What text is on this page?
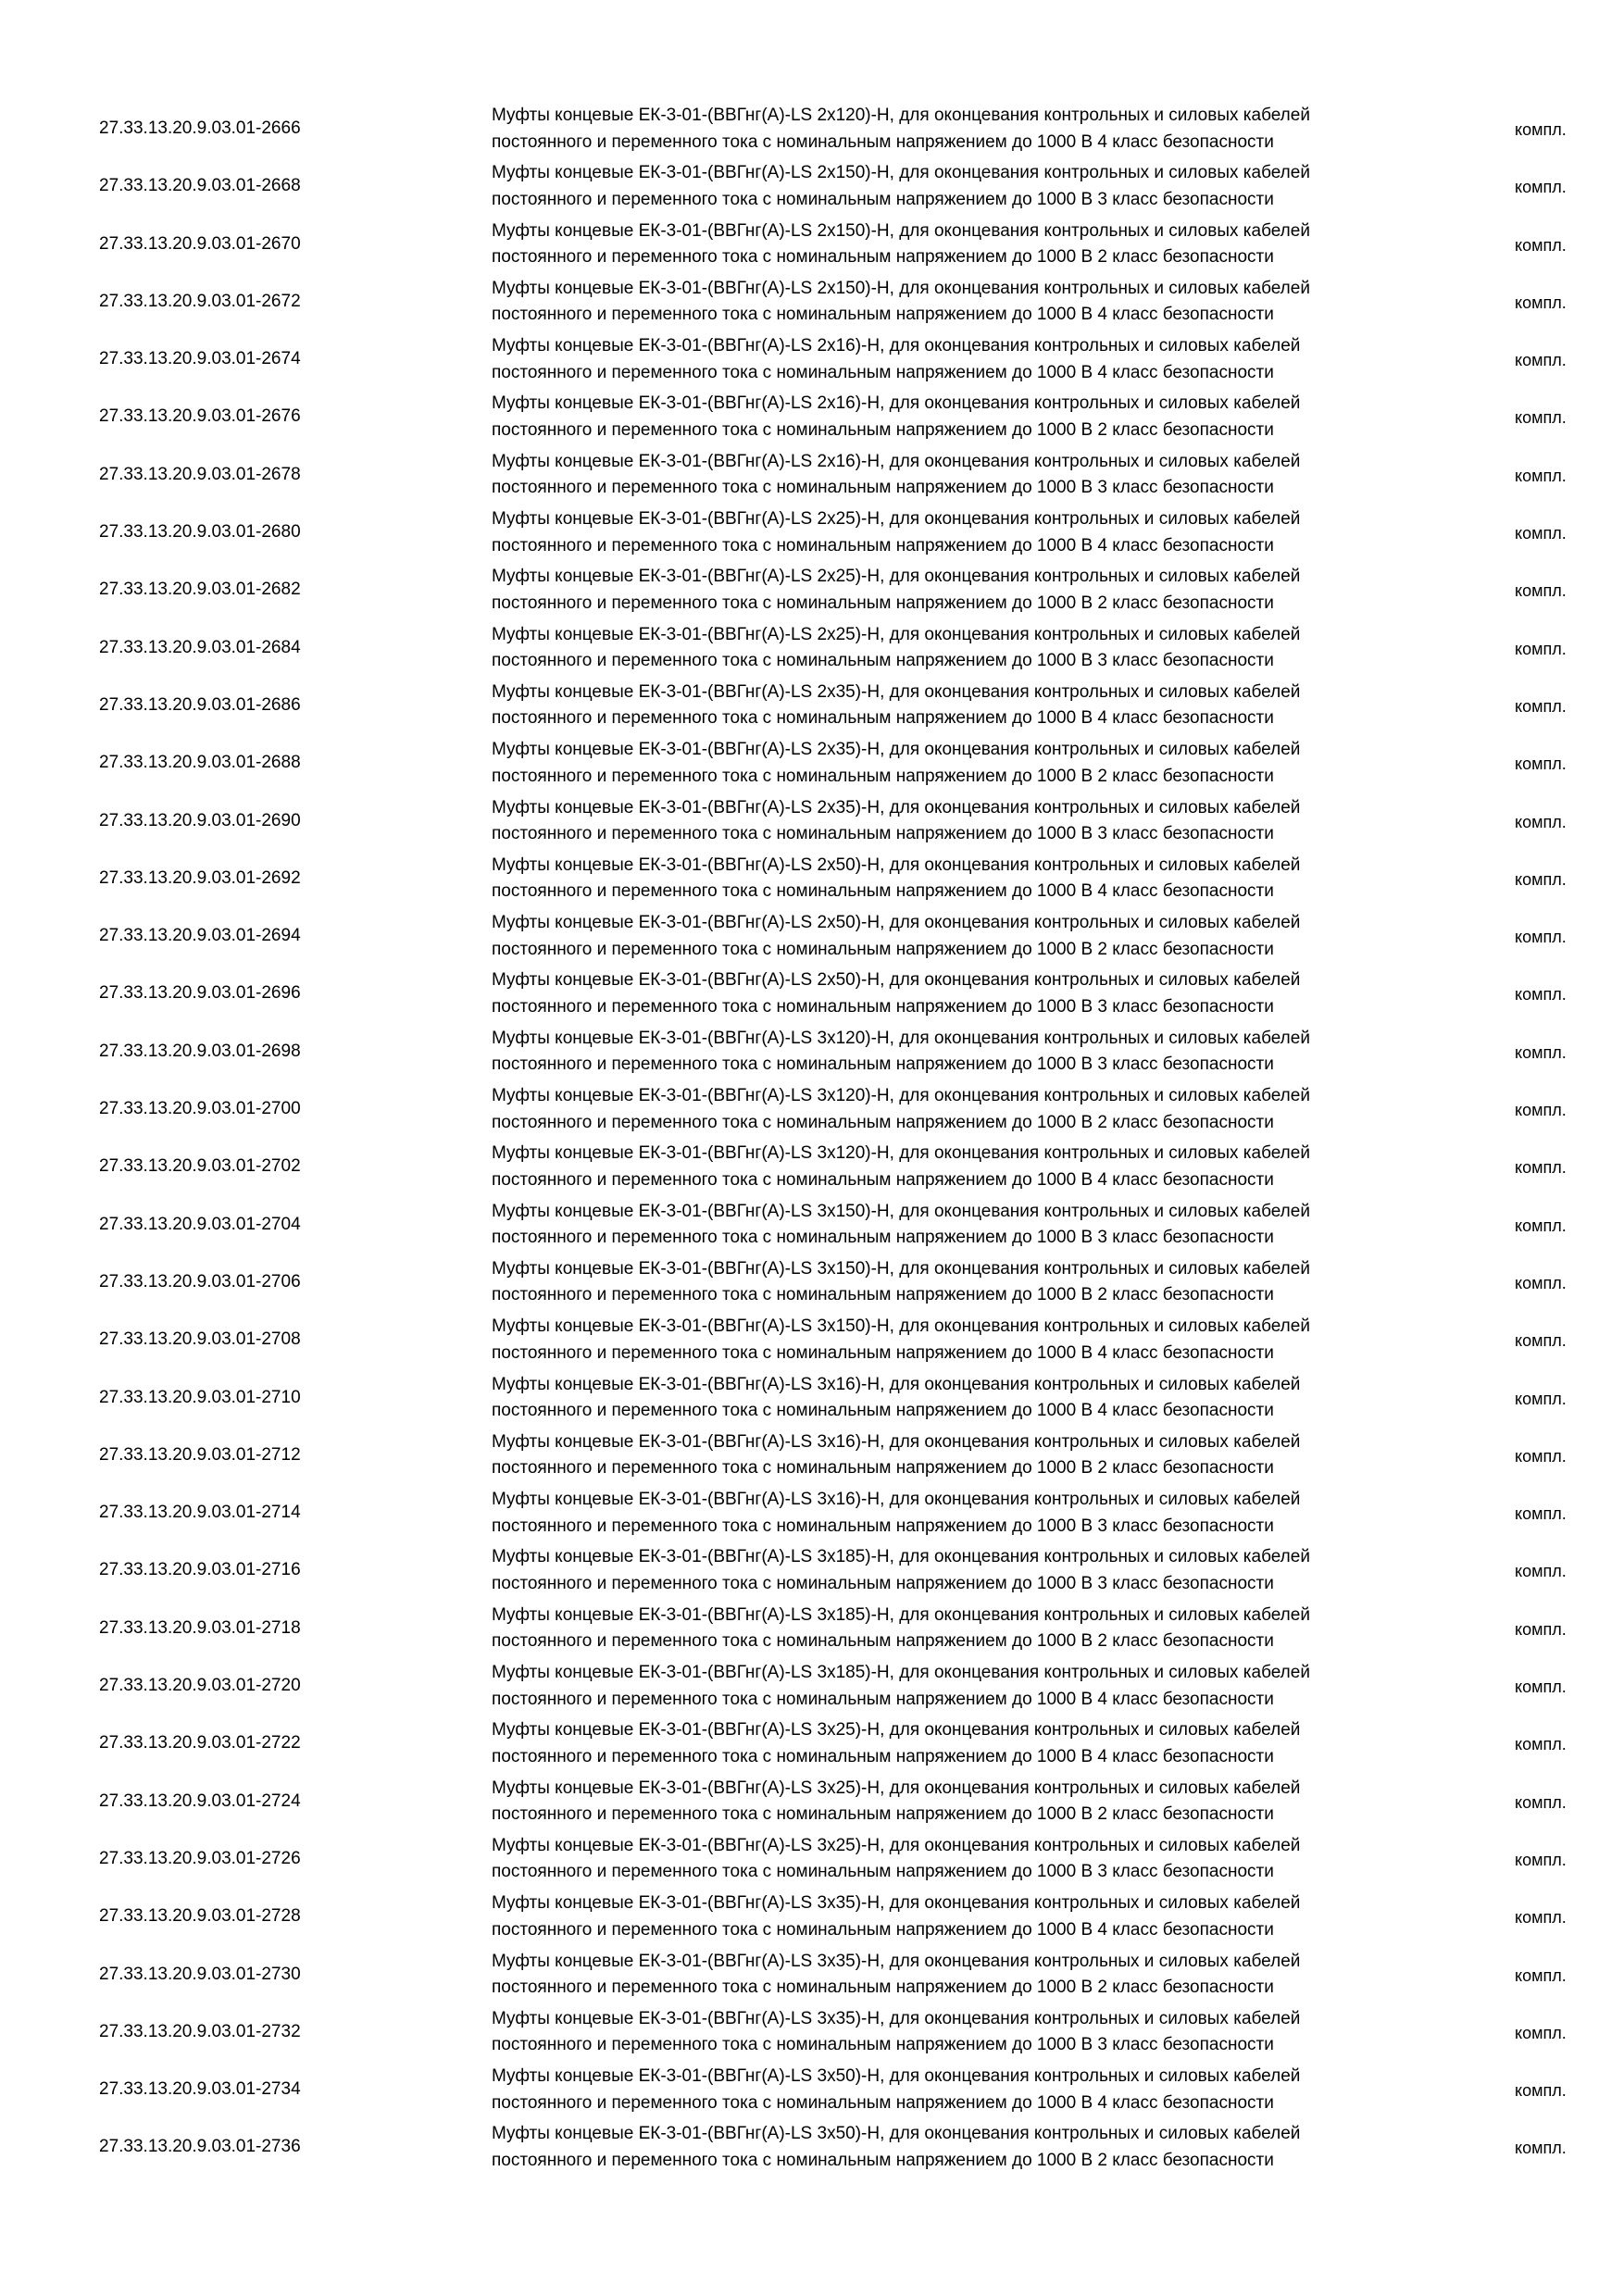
27.33.13.20.9.03.01-2666
Муфты концевые ЕК-3-01-(ВВГнг(А)-LS 2х120)-Н, для оконцевания контрольных и силовых кабелей
постоянного и переменного тока с номинальным напряжением до 1000 В 4 класс безопасности
компл.
27.33.13.20.9.03.01-2668
Муфты концевые ЕК-3-01-(ВВГнг(А)-LS 2х150)-Н, для оконцевания контрольных и силовых кабелей
постоянного и переменного тока с номинальным напряжением до 1000 В 3 класс безопасности
компл.
27.33.13.20.9.03.01-2670
Муфты концевые ЕК-3-01-(ВВГнг(А)-LS 2х150)-Н, для оконцевания контрольных и силовых кабелей
постоянного и переменного тока с номинальным напряжением до 1000 В 2 класс безопасности
компл.
27.33.13.20.9.03.01-2672
Муфты концевые ЕК-3-01-(ВВГнг(А)-LS 2х150)-Н, для оконцевания контрольных и силовых кабелей
постоянного и переменного тока с номинальным напряжением до 1000 В 4 класс безопасности
компл.
27.33.13.20.9.03.01-2674
Муфты концевые ЕК-3-01-(ВВГнг(А)-LS 2х16)-Н, для оконцевания контрольных и силовых кабелей
постоянного и переменного тока с номинальным напряжением до 1000 В 4 класс безопасности
компл.
27.33.13.20.9.03.01-2676
Муфты концевые ЕК-3-01-(ВВГнг(А)-LS 2х16)-Н, для оконцевания контрольных и силовых кабелей
постоянного и переменного тока с номинальным напряжением до 1000 В 2 класс безопасности
компл.
27.33.13.20.9.03.01-2678
Муфты концевые ЕК-3-01-(ВВГнг(А)-LS 2х16)-Н, для оконцевания контрольных и силовых кабелей
постоянного и переменного тока с номинальным напряжением до 1000 В 3 класс безопасности
компл.
27.33.13.20.9.03.01-2680
Муфты концевые ЕК-3-01-(ВВГнг(А)-LS 2х25)-Н, для оконцевания контрольных и силовых кабелей
постоянного и переменного тока с номинальным напряжением до 1000 В 4 класс безопасности
компл.
27.33.13.20.9.03.01-2682
Муфты концевые ЕК-3-01-(ВВГнг(А)-LS 2х25)-Н, для оконцевания контрольных и силовых кабелей
постоянного и переменного тока с номинальным напряжением до 1000 В 2 класс безопасности
компл.
27.33.13.20.9.03.01-2684
Муфты концевые ЕК-3-01-(ВВГнг(А)-LS 2х25)-Н, для оконцевания контрольных и силовых кабелей
постоянного и переменного тока с номинальным напряжением до 1000 В 3 класс безопасности
компл.
27.33.13.20.9.03.01-2686
Муфты концевые ЕК-3-01-(ВВГнг(А)-LS 2х35)-Н, для оконцевания контрольных и силовых кабелей
постоянного и переменного тока с номинальным напряжением до 1000 В 4 класс безопасности
компл.
27.33.13.20.9.03.01-2688
Муфты концевые ЕК-3-01-(ВВГнг(А)-LS 2х35)-Н, для оконцевания контрольных и силовых кабелей
постоянного и переменного тока с номинальным напряжением до 1000 В 2 класс безопасности
компл.
27.33.13.20.9.03.01-2690
Муфты концевые ЕК-3-01-(ВВГнг(А)-LS 2х35)-Н, для оконцевания контрольных и силовых кабелей
постоянного и переменного тока с номинальным напряжением до 1000 В 3 класс безопасности
компл.
27.33.13.20.9.03.01-2692
Муфты концевые ЕК-3-01-(ВВГнг(А)-LS 2х50)-Н, для оконцевания контрольных и силовых кабелей
постоянного и переменного тока с номинальным напряжением до 1000 В 4 класс безопасности
компл.
27.33.13.20.9.03.01-2694
Муфты концевые ЕК-3-01-(ВВГнг(А)-LS 2х50)-Н, для оконцевания контрольных и силовых кабелей
постоянного и переменного тока с номинальным напряжением до 1000 В 2 класс безопасности
компл.
27.33.13.20.9.03.01-2696
Муфты концевые ЕК-3-01-(ВВГнг(А)-LS 2х50)-Н, для оконцевания контрольных и силовых кабелей
постоянного и переменного тока с номинальным напряжением до 1000 В 3 класс безопасности
компл.
27.33.13.20.9.03.01-2698
Муфты концевые ЕК-3-01-(ВВГнг(А)-LS 3х120)-Н, для оконцевания контрольных и силовых кабелей
постоянного и переменного тока с номинальным напряжением до 1000 В 3 класс безопасности
компл.
27.33.13.20.9.03.01-2700
Муфты концевые ЕК-3-01-(ВВГнг(А)-LS 3х120)-Н, для оконцевания контрольных и силовых кабелей
постоянного и переменного тока с номинальным напряжением до 1000 В 2 класс безопасности
компл.
27.33.13.20.9.03.01-2702
Муфты концевые ЕК-3-01-(ВВГнг(А)-LS 3х120)-Н, для оконцевания контрольных и силовых кабелей
постоянного и переменного тока с номинальным напряжением до 1000 В 4 класс безопасности
компл.
27.33.13.20.9.03.01-2704
Муфты концевые ЕК-3-01-(ВВГнг(А)-LS 3х150)-Н, для оконцевания контрольных и силовых кабелей
постоянного и переменного тока с номинальным напряжением до 1000 В 3 класс безопасности
компл.
27.33.13.20.9.03.01-2706
Муфты концевые ЕК-3-01-(ВВГнг(А)-LS 3х150)-Н, для оконцевания контрольных и силовых кабелей
постоянного и переменного тока с номинальным напряжением до 1000 В 2 класс безопасности
компл.
27.33.13.20.9.03.01-2708
Муфты концевые ЕК-3-01-(ВВГнг(А)-LS 3х150)-Н, для оконцевания контрольных и силовых кабелей
постоянного и переменного тока с номинальным напряжением до 1000 В 4 класс безопасности
компл.
27.33.13.20.9.03.01-2710
Муфты концевые ЕК-3-01-(ВВГнг(А)-LS 3х16)-Н, для оконцевания контрольных и силовых кабелей
постоянного и переменного тока с номинальным напряжением до 1000 В 4 класс безопасности
компл.
27.33.13.20.9.03.01-2712
Муфты концевые ЕК-3-01-(ВВГнг(А)-LS 3х16)-Н, для оконцевания контрольных и силовых кабелей
постоянного и переменного тока с номинальным напряжением до 1000 В 2 класс безопасности
компл.
27.33.13.20.9.03.01-2714
Муфты концевые ЕК-3-01-(ВВГнг(А)-LS 3х16)-Н, для оконцевания контрольных и силовых кабелей
постоянного и переменного тока с номинальным напряжением до 1000 В 3 класс безопасности
компл.
27.33.13.20.9.03.01-2716
Муфты концевые ЕК-3-01-(ВВГнг(А)-LS 3х185)-Н, для оконцевания контрольных и силовых кабелей
постоянного и переменного тока с номинальным напряжением до 1000 В 3 класс безопасности
компл.
27.33.13.20.9.03.01-2718
Муфты концевые ЕК-3-01-(ВВГнг(А)-LS 3х185)-Н, для оконцевания контрольных и силовых кабелей
постоянного и переменного тока с номинальным напряжением до 1000 В 2 класс безопасности
компл.
27.33.13.20.9.03.01-2720
Муфты концевые ЕК-3-01-(ВВГнг(А)-LS 3х185)-Н, для оконцевания контрольных и силовых кабелей
постоянного и переменного тока с номинальным напряжением до 1000 В 4 класс безопасности
компл.
27.33.13.20.9.03.01-2722
Муфты концевые ЕК-3-01-(ВВГнг(А)-LS 3х25)-Н, для оконцевания контрольных и силовых кабелей
постоянного и переменного тока с номинальным напряжением до 1000 В 4 класс безопасности
компл.
27.33.13.20.9.03.01-2724
Муфты концевые ЕК-3-01-(ВВГнг(А)-LS 3х25)-Н, для оконцевания контрольных и силовых кабелей
постоянного и переменного тока с номинальным напряжением до 1000 В 2 класс безопасности
компл.
27.33.13.20.9.03.01-2726
Муфты концевые ЕК-3-01-(ВВГнг(А)-LS 3х25)-Н, для оконцевания контрольных и силовых кабелей
постоянного и переменного тока с номинальным напряжением до 1000 В 3 класс безопасности
компл.
27.33.13.20.9.03.01-2728
Муфты концевые ЕК-3-01-(ВВГнг(А)-LS 3х35)-Н, для оконцевания контрольных и силовых кабелей
постоянного и переменного тока с номинальным напряжением до 1000 В 4 класс безопасности
компл.
27.33.13.20.9.03.01-2730
Муфты концевые ЕК-3-01-(ВВГнг(А)-LS 3х35)-Н, для оконцевания контрольных и силовых кабелей
постоянного и переменного тока с номинальным напряжением до 1000 В 2 класс безопасности
компл.
27.33.13.20.9.03.01-2732
Муфты концевые ЕК-3-01-(ВВГнг(А)-LS 3х35)-Н, для оконцевания контрольных и силовых кабелей
постоянного и переменного тока с номинальным напряжением до 1000 В 3 класс безопасности
компл.
27.33.13.20.9.03.01-2734
Муфты концевые ЕК-3-01-(ВВГнг(А)-LS 3х50)-Н, для оконцевания контрольных и силовых кабелей
постоянного и переменного тока с номинальным напряжением до 1000 В 4 класс безопасности
компл.
27.33.13.20.9.03.01-2736
Муфты концевые ЕК-3-01-(ВВГнг(А)-LS 3х50)-Н, для оконцевания контрольных и силовых кабелей
постоянного и переменного тока с номинальным напряжением до 1000 В 2 класс безопасности
компл.
